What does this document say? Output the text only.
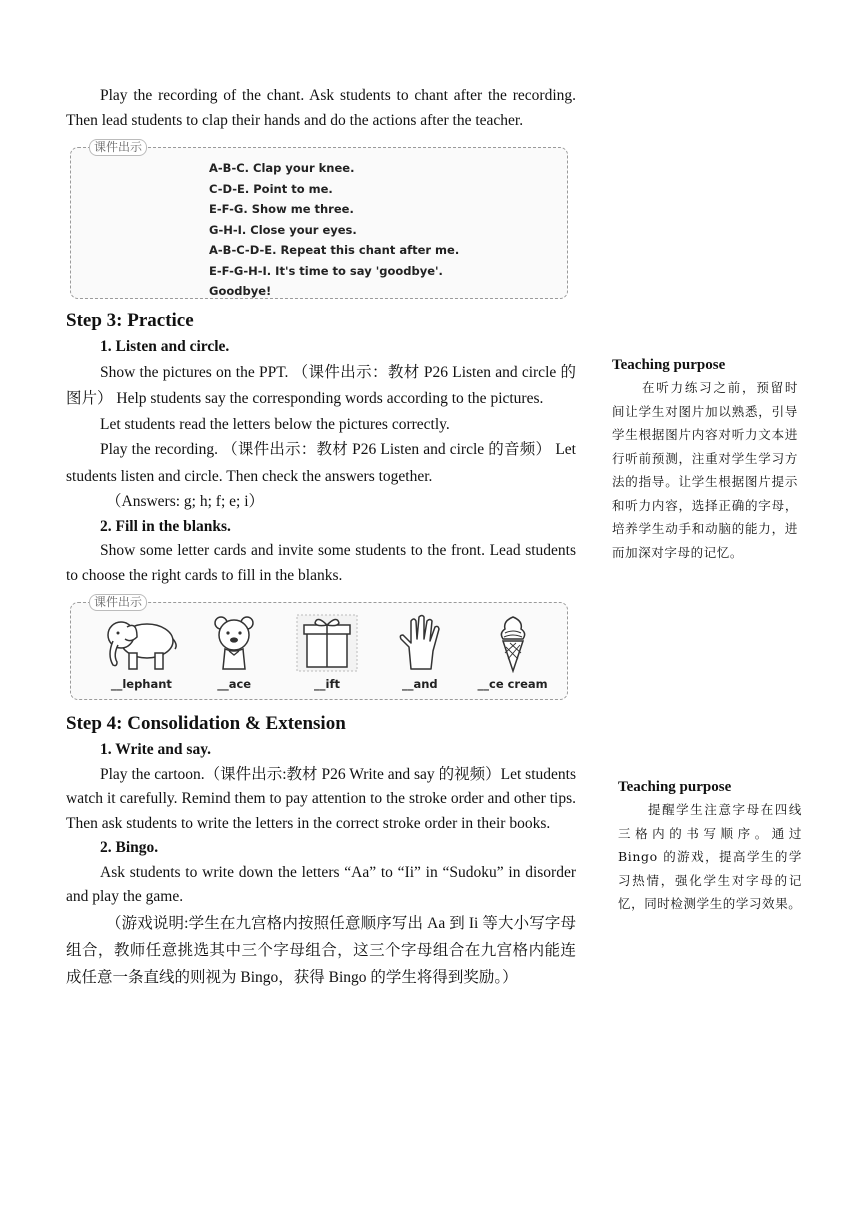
Play the recording of the chant. Ask students to chant after the recording. Then lead students to clap their hands and do the actions after the teacher.

课件出示
A-B-C. Clap your knee.
C-D-E. Point to me.
E-F-G. Show me three.
G-H-I. Close your eyes.
A-B-C-D-E. Repeat this chant after me.
E-F-G-H-I. It's time to say 'goodbye'.
Goodbye!
Step 3: Practice

1. Listen and circle.

Show the pictures on the PPT. （课件出示：教材 P26 Listen and circle 的图片） Help students say the corresponding words according to the pictures.

Let students read the letters below the pictures correctly.

Play the recording. （课件出示：教材 P26 Listen and circle 的音频） Let students listen and circle. Then check the answers together.

（Answers: g; h; f; e; i）

2. Fill in the blanks.

Show some letter cards and invite some students to the front. Lead students to choose the right cards to fill in the blanks.

课件出示
__lephant	__ace	__ift	__and	__ce cream
Step 4: Consolidation & Extension

1. Write and say.

Play the cartoon.（课件出示:教材 P26 Write and say 的视频）Let students watch it carefully. Remind them to pay attention to the stroke order and other tips. Then ask students to write the letters in the correct stroke order in their books.

2. Bingo.

Ask students to write down the letters “Aa” to “Ii” in “Sudoku” in disorder and play the game.

（游戏说明:学生在九宫格内按照任意顺序写出 Aa 到 Ii 等大小写字母组合，教师任意挑选其中三个字母组合，这三个字母组合在九宫格内能连成任意一条直线的则视为 Bingo，获得 Bingo 的学生将得到奖励。）

Teaching purpose
在听力练习之前，预留时间让学生对图片加以熟悉，引导学生根据图片内容对听力文本进行听前预测，注重对学生学习方法的指导。让学生根据图片提示和听力内容，选择正确的字母，培养学生动手和动脑的能力，进而加深对字母的记忆。
Teaching purpose
提醒学生注意字母在四线三格内的书写顺序。通过 Bingo 的游戏，提高学生的学习热情，强化学生对字母的记忆，同时检测学生的学习效果。
